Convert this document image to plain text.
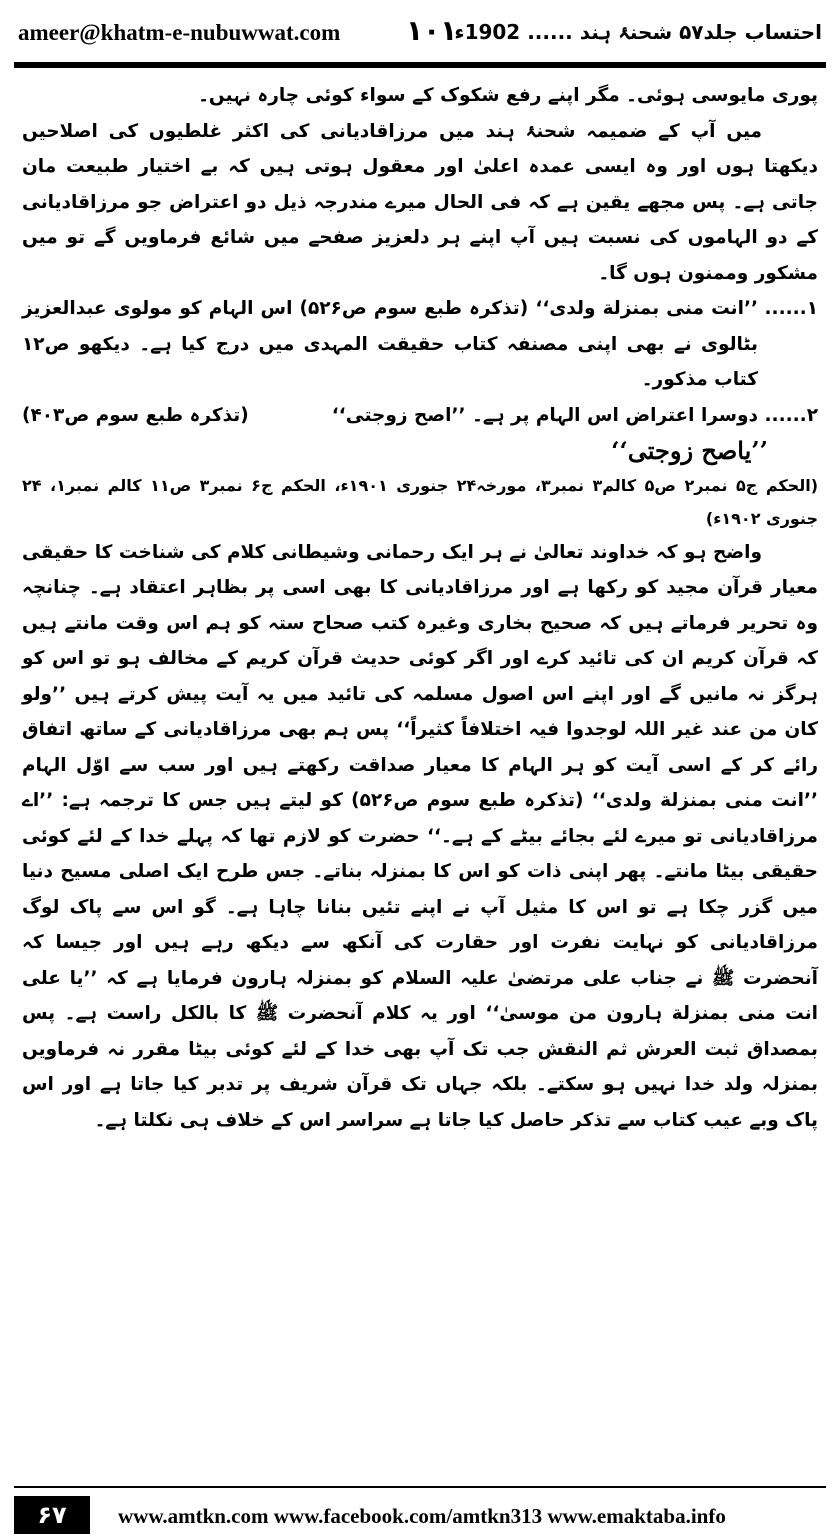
ameer@khatm-e-nubuwwat.com ۱۰۱
احتساب جلد۵۷ شحنۂ ہند ...... 1902ء

پوری مایوسی ہوئی۔ مگر اپنے رفع شکوک کے سواء کوئی چارہ نہیں۔

میں آپ کے ضمیمہ شحنۂ ہند میں مرزاقادیانی کی اکثر غلطیوں کی اصلاحیں دیکھتا ہوں اور وہ ایسی عمدہ اعلیٰ اور معقول ہوتی ہیں کہ بے اختیار طبیعت مان جاتی ہے۔ پس مجھے یقین ہے کہ فی الحال میرے مندرجہ ذیل دو اعتراض جو مرزاقادیانی کے دو الہاموں کی نسبت ہیں آپ اپنے ہر دلعزیز صفحے میں شائع فرماویں گے تو میں مشکور وممنون ہوں گا۔

۱......
’’انت منی بمنزلة ولدی‘‘ (تذکرہ طبع سوم ص۵۲۶) اس الہام کو مولوی عبدالعزیز بٹالوی نے بھی اپنی مصنفہ کتاب حقیقت المہدی میں درج کیا ہے۔ دیکھو ص۱۲ کتاب مذکور۔
۲......
دوسرا اعتراض اس الہام پر ہے۔ ’’اصح زوجتی‘‘
(تذکرہ طبع سوم ص۴۰۳)

’’یاصح زوجتی‘‘

(الحکم ج۵ نمبر۲ ص۵ کالم۳ نمبر۳، مورخہ۲۴ جنوری ۱۹۰۱ء، الحکم ج۶ نمبر۳ ص۱۱ کالم نمبر۱، ۲۴ جنوری ۱۹۰۲ء)

واضح ہو کہ خداوند تعالیٰ نے ہر ایک رحمانی وشیطانی کلام کی شناخت کا حقیقی معیار قرآن مجید کو رکھا ہے اور مرزاقادیانی کا بھی اسی پر بظاہر اعتقاد ہے۔ چنانچہ وہ تحریر فرماتے ہیں کہ صحیح بخاری وغیرہ کتب صحاح ستہ کو ہم اس وقت مانتے ہیں کہ قرآن کریم ان کی تائید کرے اور اگر کوئی حدیث قرآن کریم کے مخالف ہو تو اس کو ہرگز نہ مانیں گے اور اپنے اس اصول مسلمہ کی تائید میں یہ آیت پیش کرتے ہیں ’’ولو کان من عند غیر اللہ لوجدوا فیہ اختلافاً کثیراً‘‘ پس ہم بھی مرزاقادیانی کے ساتھ اتفاق رائے کر کے اسی آیت کو ہر الہام کا معیار صداقت رکھتے ہیں اور سب سے اوّل الہام ’’انت منی بمنزلة ولدی‘‘ (تذکرہ طبع سوم ص۵۲۶) کو لیتے ہیں جس کا ترجمہ ہے: ’’اے مرزاقادیانی تو میرے لئے بجائے بیٹے کے ہے۔‘‘ حضرت کو لازم تھا کہ پہلے خدا کے لئے کوئی حقیقی بیٹا مانتے۔ پھر اپنی ذات کو اس کا بمنزلہ بناتے۔ جس طرح ایک اصلی مسیح دنیا میں گزر چکا ہے تو اس کا مثیل آپ نے اپنے تئیں بنانا چاہا ہے۔ گو اس سے پاک لوگ مرزاقادیانی کو نہایت نفرت اور حقارت کی آنکھ سے دیکھ رہے ہیں اور جیسا کہ آنحضرت ﷺ نے جناب علی مرتضیٰ علیہ السلام کو بمنزلہ ہارون فرمایا ہے کہ ’’یا علی انت منی بمنزلة ہارون من موسیٰ‘‘ اور یہ کلام آنحضرت ﷺ کا بالکل راست ہے۔ پس بمصداق ثبت العرش ثم النقش جب تک آپ بھی خدا کے لئے کوئی بیٹا مقرر نہ فرماویں بمنزلہ ولد خدا نہیں ہو سکتے۔ بلکہ جہاں تک قرآن شریف پر تدبر کیا جاتا ہے اور اس پاک وبے عیب کتاب سے تذکر حاصل کیا جاتا ہے سراسر اس کے خلاف ہی نکلتا ہے۔

۶۷	www.amtkn.com www.facebook.com/amtkn313 www.emaktaba.info
